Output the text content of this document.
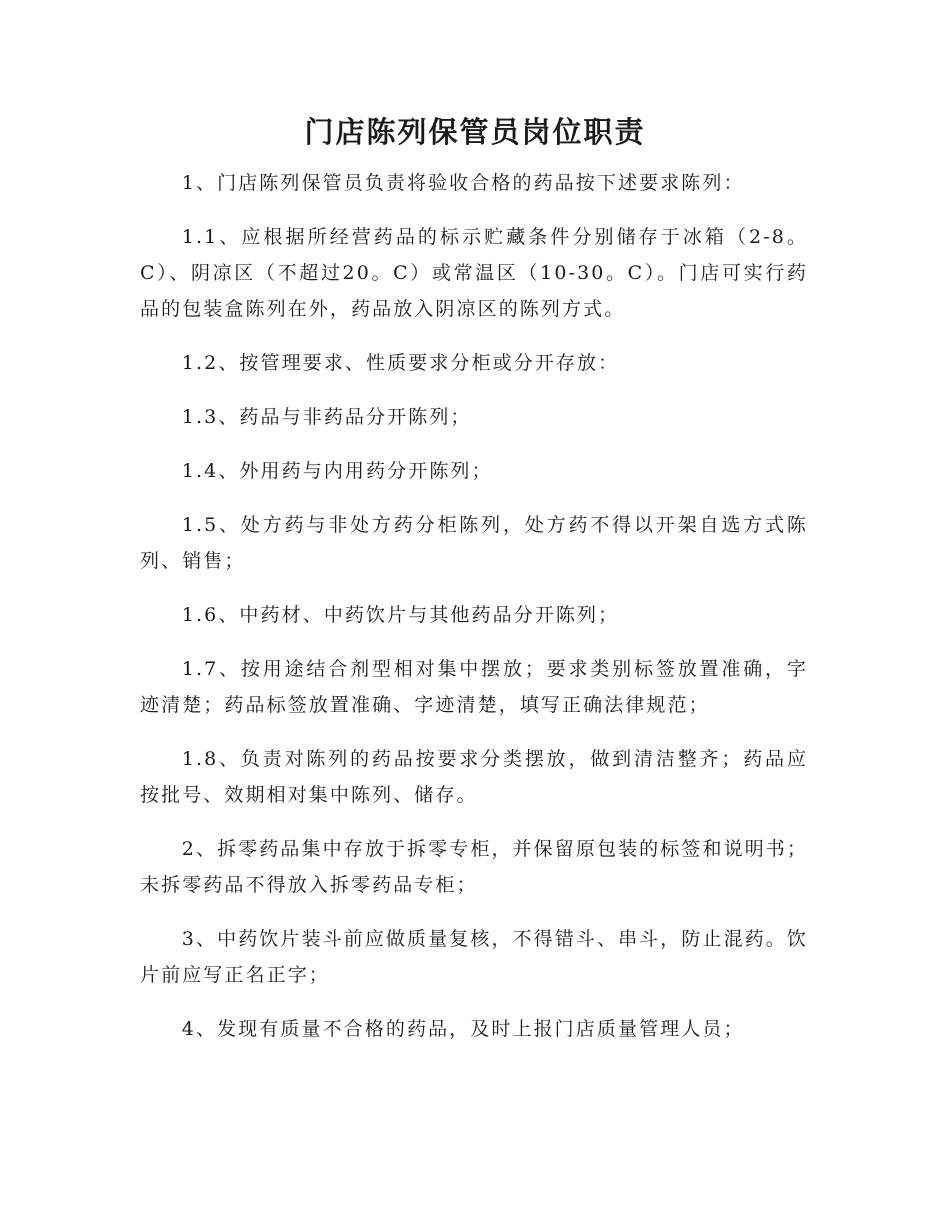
门店陈列保管员岗位职责

1、门店陈列保管员负责将验收合格的药品按下述要求陈列：

1.1、应根据所经营药品的标示贮藏条件分别储存于冰箱（2-8。C）、阴凉区（不超过20。C）或常温区（10-30。C）。门店可实行药品的包装盒陈列在外，药品放入阴凉区的陈列方式。

1.2、按管理要求、性质要求分柜或分开存放：

1.3、药品与非药品分开陈列；

1.4、外用药与内用药分开陈列；

1.5、处方药与非处方药分柜陈列，处方药不得以开架自选方式陈列、销售；

1.6、中药材、中药饮片与其他药品分开陈列；

1.7、按用途结合剂型相对集中摆放；要求类别标签放置准确，字迹清楚；药品标签放置准确、字迹清楚，填写正确法律规范；

1.8、负责对陈列的药品按要求分类摆放，做到清洁整齐；药品应按批号、效期相对集中陈列、储存。

2、拆零药品集中存放于拆零专柜，并保留原包装的标签和说明书；未拆零药品不得放入拆零药品专柜；

3、中药饮片装斗前应做质量复核，不得错斗、串斗，防止混药。饮片前应写正名正字；

4、发现有质量不合格的药品，及时上报门店质量管理人员；
